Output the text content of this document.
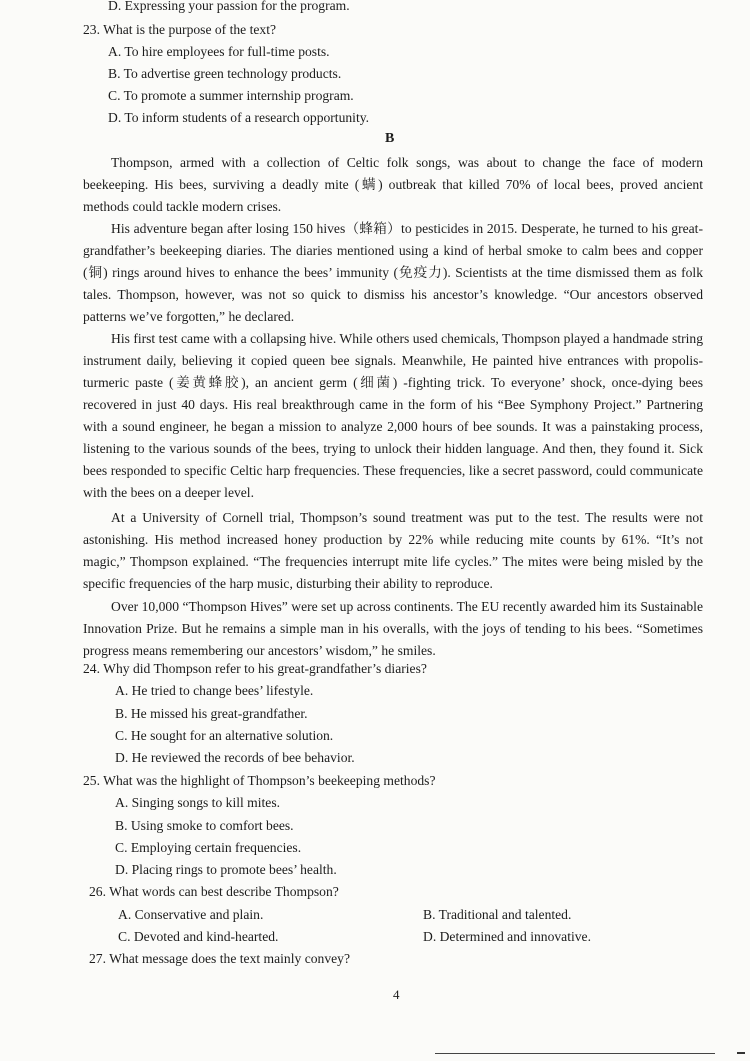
D. Expressing your passion for the program.
23. What is the purpose of the text?
A. To hire employees for full-time posts.
B. To advertise green technology products.
C. To promote a summer internship program.
D. To inform students of a research opportunity.
B

Thompson, armed with a collection of Celtic folk songs, was about to change the face of modern beekeeping. His bees, surviving a deadly mite (螨) outbreak that killed 70% of local bees, proved ancient methods could tackle modern crises.

His adventure began after losing 150 hives（蜂箱）to pesticides in 2015. Desperate, he turned to his great-grandfather’s beekeeping diaries. The diaries mentioned using a kind of herbal smoke to calm bees and copper (铜) rings around hives to enhance the bees’ immunity (免疫力). Scientists at the time dismissed them as folk tales. Thompson, however, was not so quick to dismiss his ancestor’s knowledge. “Our ancestors observed patterns we’ve forgotten,” he declared.

His first test came with a collapsing hive. While others used chemicals, Thompson played a handmade string instrument daily, believing it copied queen bee signals. Meanwhile, He painted hive entrances with propolis-turmeric paste (姜黄蜂胶), an ancient germ (细菌) -fighting trick. To everyone’ shock, once-dying bees recovered in just 40 days. His real breakthrough came in the form of his “Bee Symphony Project.” Partnering with a sound engineer, he began a mission to analyze 2,000 hours of bee sounds. It was a painstaking process, listening to the various sounds of the bees, trying to unlock their hidden language. And then, they found it. Sick bees responded to specific Celtic harp frequencies. These frequencies, like a secret password, could communicate with the bees on a deeper level.

At a University of Cornell trial, Thompson’s sound treatment was put to the test. The results were not astonishing. His method increased honey production by 22% while reducing mite counts by 61%. “It’s not magic,” Thompson explained. “The frequencies interrupt mite life cycles.” The mites were being misled by the specific frequencies of the harp music, disturbing their ability to reproduce.

Over 10,000 “Thompson Hives” were set up across continents. The EU recently awarded him its Sustainable Innovation Prize. But he remains a simple man in his overalls, with the joys of tending to his bees. “Sometimes progress means remembering our ancestors’ wisdom,” he smiles.

24. Why did Thompson refer to his great-grandfather’s diaries?
A. He tried to change bees’ lifestyle.
B. He missed his great-grandfather.
C. He sought for an alternative solution.
D. He reviewed the records of bee behavior.
25. What was the highlight of Thompson’s beekeeping methods?
A. Singing songs to kill mites.
B. Using smoke to comfort bees.
C. Employing certain frequencies.
D. Placing rings to promote bees’ health.
26. What words can best describe Thompson?
A. Conservative and plain.	B. Traditional and talented.
C. Devoted and kind-hearted.	D. Determined and innovative.
27. What message does the text mainly convey?
4
